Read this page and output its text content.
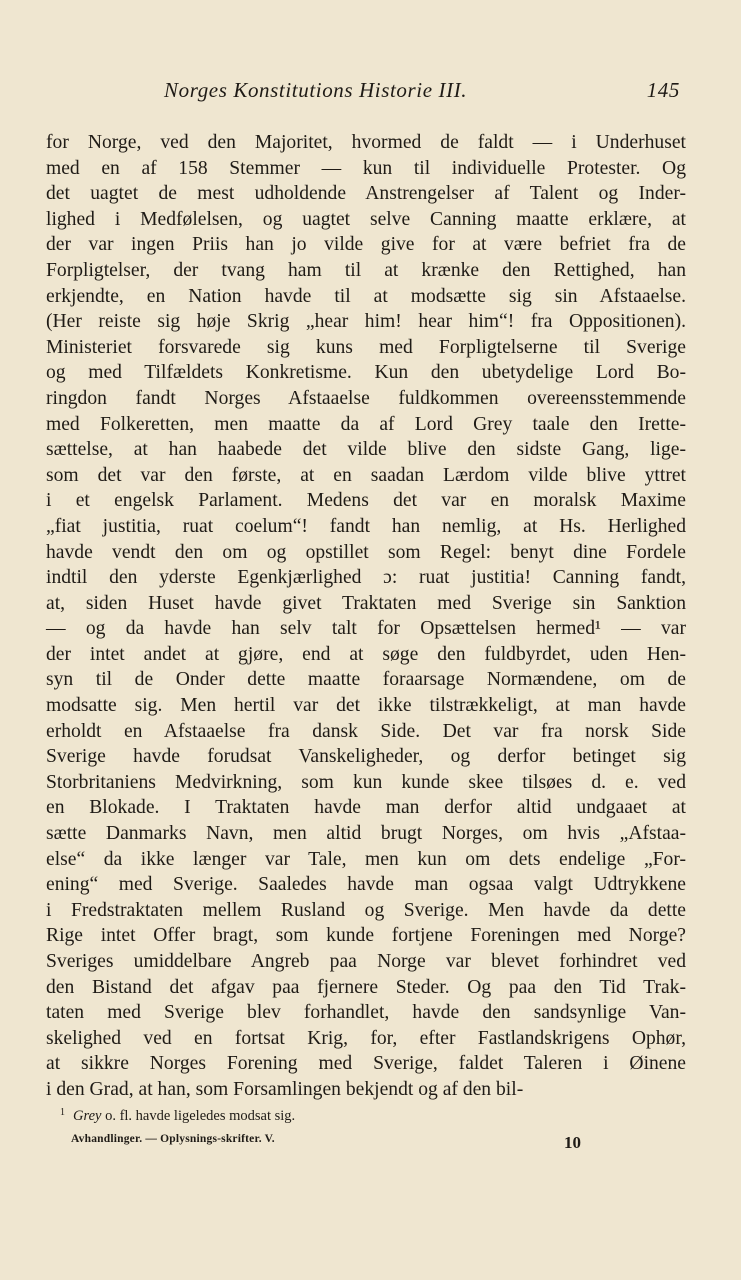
Norges Konstitutions Historie III.	145
for Norge, ved den Majoritet, hvormed de faldt — i Underhuset
med en af 158 Stemmer — kun til individuelle Protester. Og
det uagtet de mest udholdende Anstrengelser af Talent og Inder-
lighed i Medfølelsen, og uagtet selve Canning maatte erklære, at
der var ingen Priis han jo vilde give for at være befriet fra de
Forpligtelser, der tvang ham til at krænke den Rettighed, han
erkjendte, en Nation havde til at modsætte sig sin Afstaaelse.
(Her reiste sig høje Skrig „hear him! hear him“! fra Oppositionen).
Ministeriet forsvarede sig kuns med Forpligtelserne til Sverige
og med Tilfældets Konkretisme. Kun den ubetydelige Lord Bo-
ringdon fandt Norges Afstaaelse fuldkommen overeensstemmende
med Folkeretten, men maatte da af Lord Grey taale den Irette-
sættelse, at han haabede det vilde blive den sidste Gang, lige-
som det var den første, at en saadan Lærdom vilde blive yttret
i et engelsk Parlament. Medens det var en moralsk Maxime
„fiat justitia, ruat coelum“! fandt han nemlig, at Hs. Herlighed
havde vendt den om og opstillet som Regel: benyt dine Fordele
indtil den yderste Egenkjærlighed ɔ: ruat justitia! Canning fandt,
at, siden Huset havde givet Traktaten med Sverige sin Sanktion
— og da havde han selv talt for Opsættelsen hermed¹ — var
der intet andet at gjøre, end at søge den fuldbyrdet, uden Hen-
syn til de Onder dette maatte foraarsage Normændene, om de
modsatte sig. Men hertil var det ikke tilstrækkeligt, at man havde
erholdt en Afstaaelse fra dansk Side. Det var fra norsk Side
Sverige havde forudsat Vanskeligheder, og derfor betinget sig
Storbritaniens Medvirkning, som kun kunde skee tilsøes d. e. ved
en Blokade. I Traktaten havde man derfor altid undgaaet at
sætte Danmarks Navn, men altid brugt Norges, om hvis „Afstaa-
else“ da ikke længer var Tale, men kun om dets endelige „For-
ening“ med Sverige. Saaledes havde man ogsaa valgt Udtrykkene
i Fredstraktaten mellem Rusland og Sverige. Men havde da dette
Rige intet Offer bragt, som kunde fortjene Foreningen med Norge?
Sveriges umiddelbare Angreb paa Norge var blevet forhindret ved
den Bistand det afgav paa fjernere Steder. Og paa den Tid Trak-
taten med Sverige blev forhandlet, havde den sandsynlige Van-
skelighed ved en fortsat Krig, for, efter Fastlandskrigens Ophør,
at sikkre Norges Forening med Sverige, faldet Taleren i Øinene
i den Grad, at han, som Forsamlingen bekjendt og af den bil-
$^1$ Grey o. fl. havde ligeledes modsat sig.
Avhandlinger. — Oplysnings-skrifter. V.	10
